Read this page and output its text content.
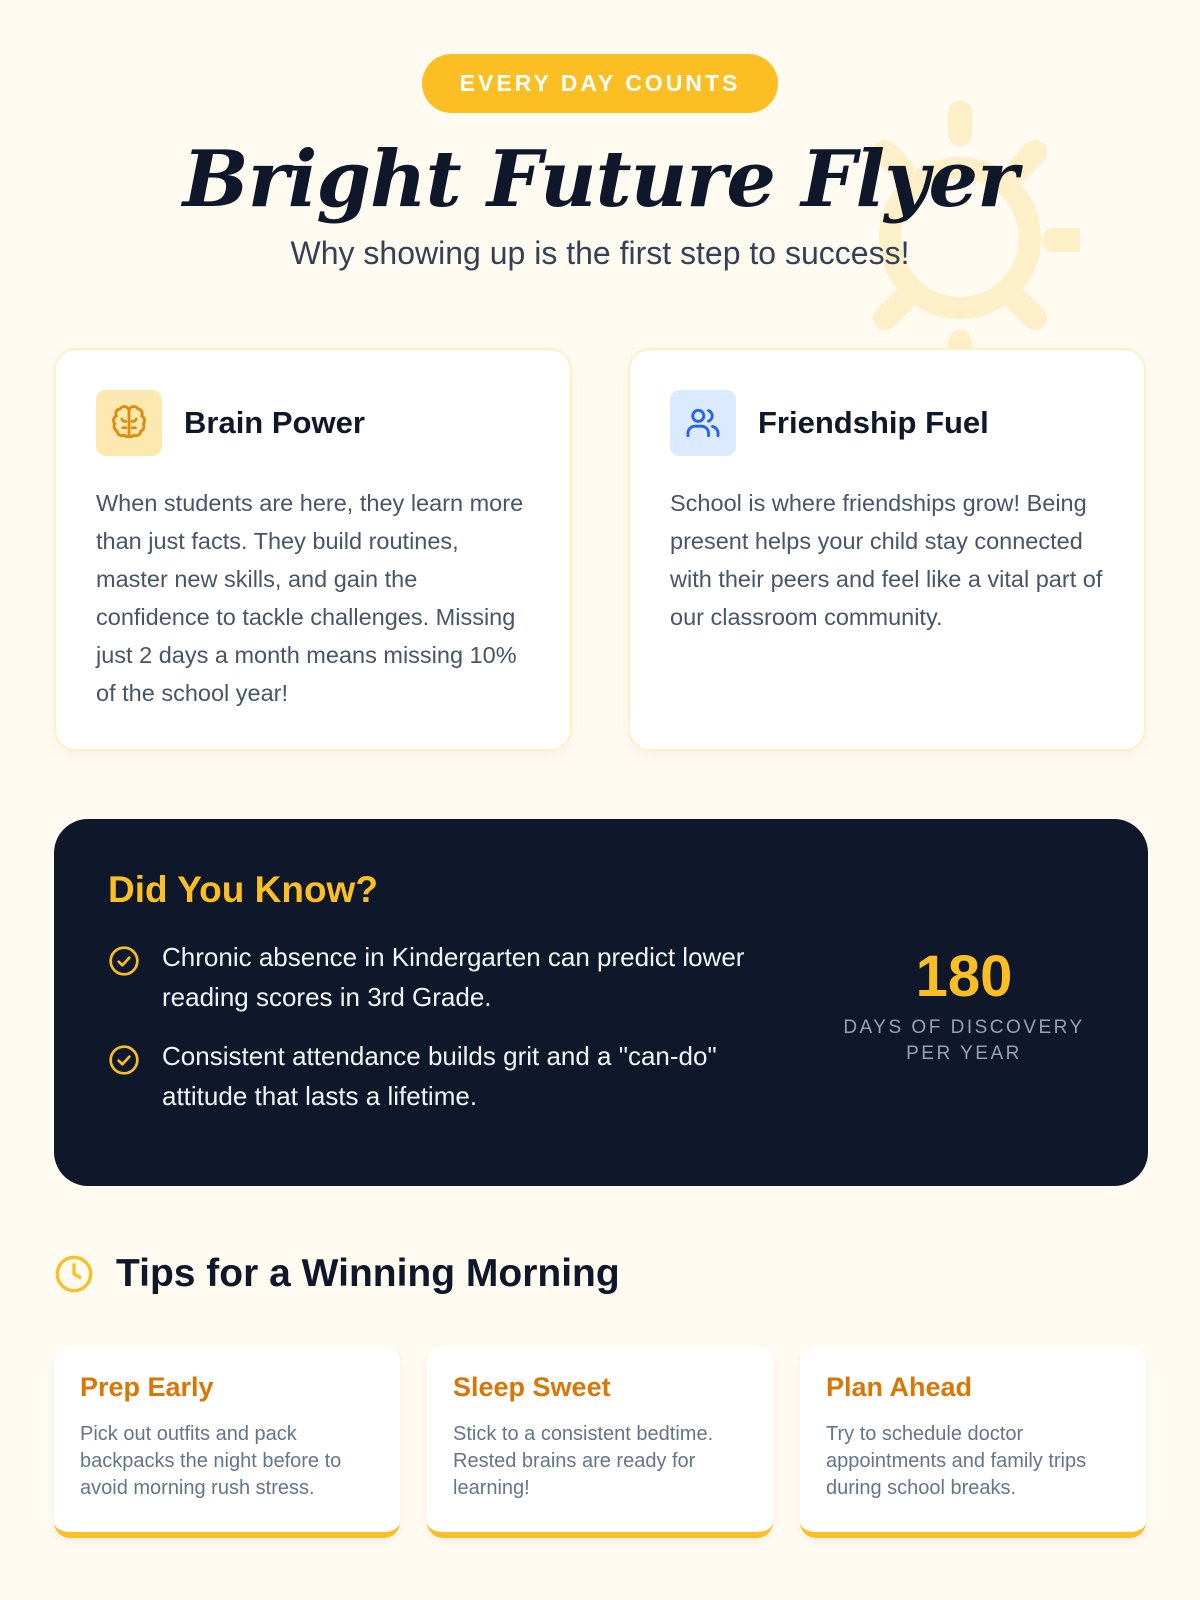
EVERY DAY COUNTS
Bright Future Flyer

Why showing up is the first step to success!

Brain Power

When students are here, they learn more than just facts. They build routines, master new skills, and gain the confidence to tackle challenges. Missing just 2 days a month means missing 10% of the school year!

Friendship Fuel

School is where friendships grow! Being present helps your child stay connected with their peers and feel like a vital part of our classroom community.

Did You Know?
Chronic absence in Kindergarten can predict lower reading scores in 3rd Grade.
Consistent attendance builds grit and a "can-do" attitude that lasts a lifetime.
180
DAYS OF DISCOVERY PER YEAR
Tips for a Winning Morning
Prep Early

Pick out outfits and pack backpacks the night before to avoid morning rush stress.

Sleep Sweet

Stick to a consistent bedtime. Rested brains are ready for learning!

Plan Ahead

Try to schedule doctor appointments and family trips during school breaks.
